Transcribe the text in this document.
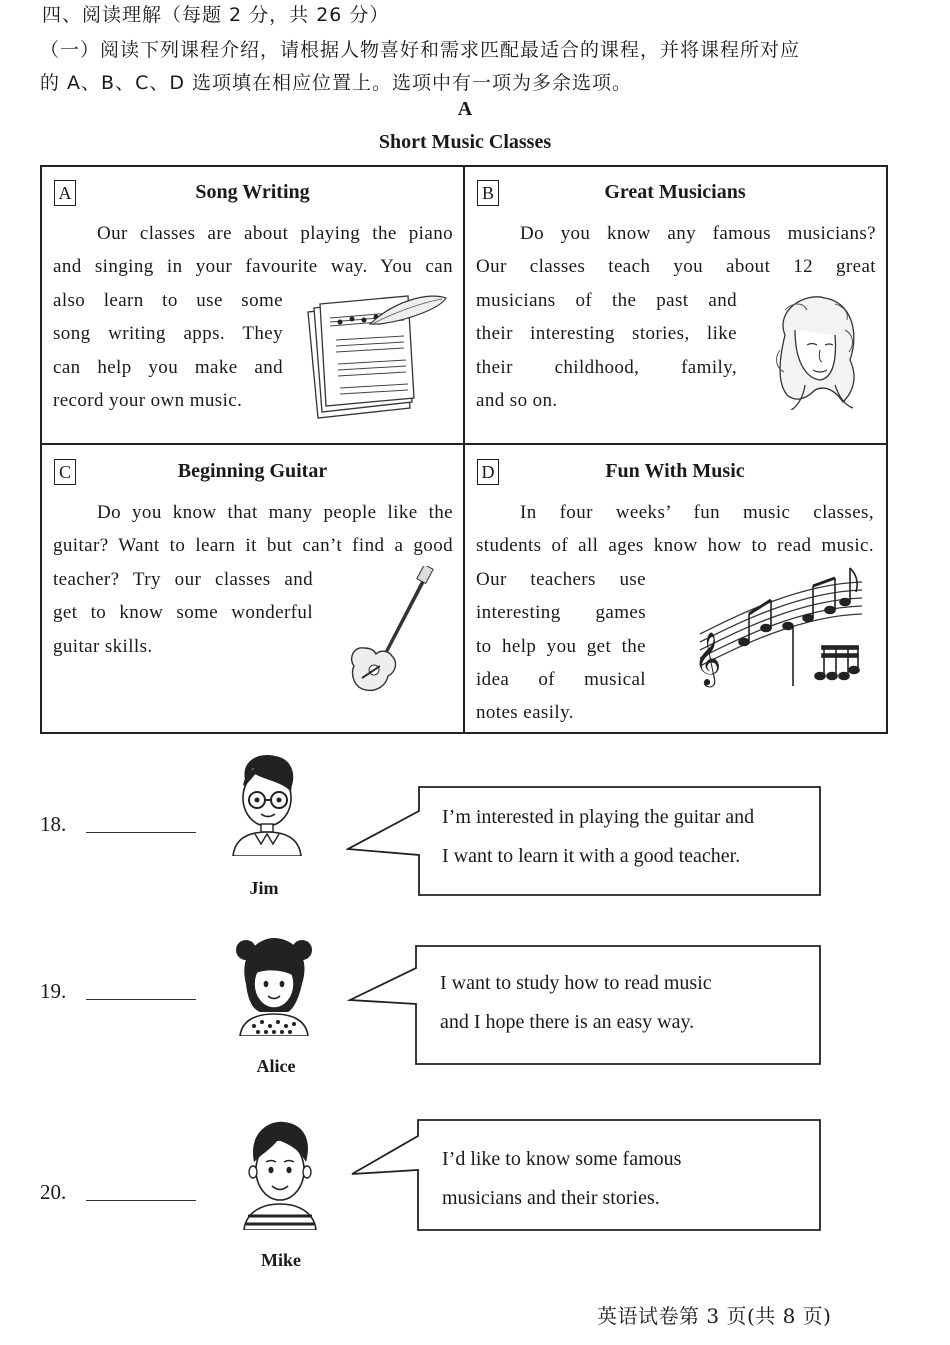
四、阅读理解（每题 2 分，共 26 分）
（一）阅读下列课程介绍，请根据人物喜好和需求匹配最适合的课程，并将课程所对应
的 A、B、C、D 选项填在相应位置上。选项中有一项为多余选项。
A
Short Music Classes
A	Song Writing
Our classes are about playing the piano
and singing in your favourite way. You can
also learn to use some
song writing apps. They
can help you make and
record your own music.
B	Great Musicians
Do you know any famous musicians?
Our classes teach you about 12 great
musicians of the past and
their interesting stories, like
their childhood, family,
and so on.
C	Beginning Guitar
Do you know that many people like the
guitar? Want to learn it but can’t find a good
teacher? Try our classes and
get to know some wonderful
guitar skills.
D	Fun With Music
In four weeks’ fun music classes,
students of all ages know how to read music.
Our teachers use
interesting games
to help you get the
idea of musical
notes easily.
𝄞
18.
Jim
I’m interested in playing the guitar and
I want to learn it with a good teacher.
19.
Alice
I want to study how to read music
and I hope there is an easy way.
20.
Mike
I’d like to know some famous
musicians and their stories.
英语试卷第 3 页(共 8 页)
